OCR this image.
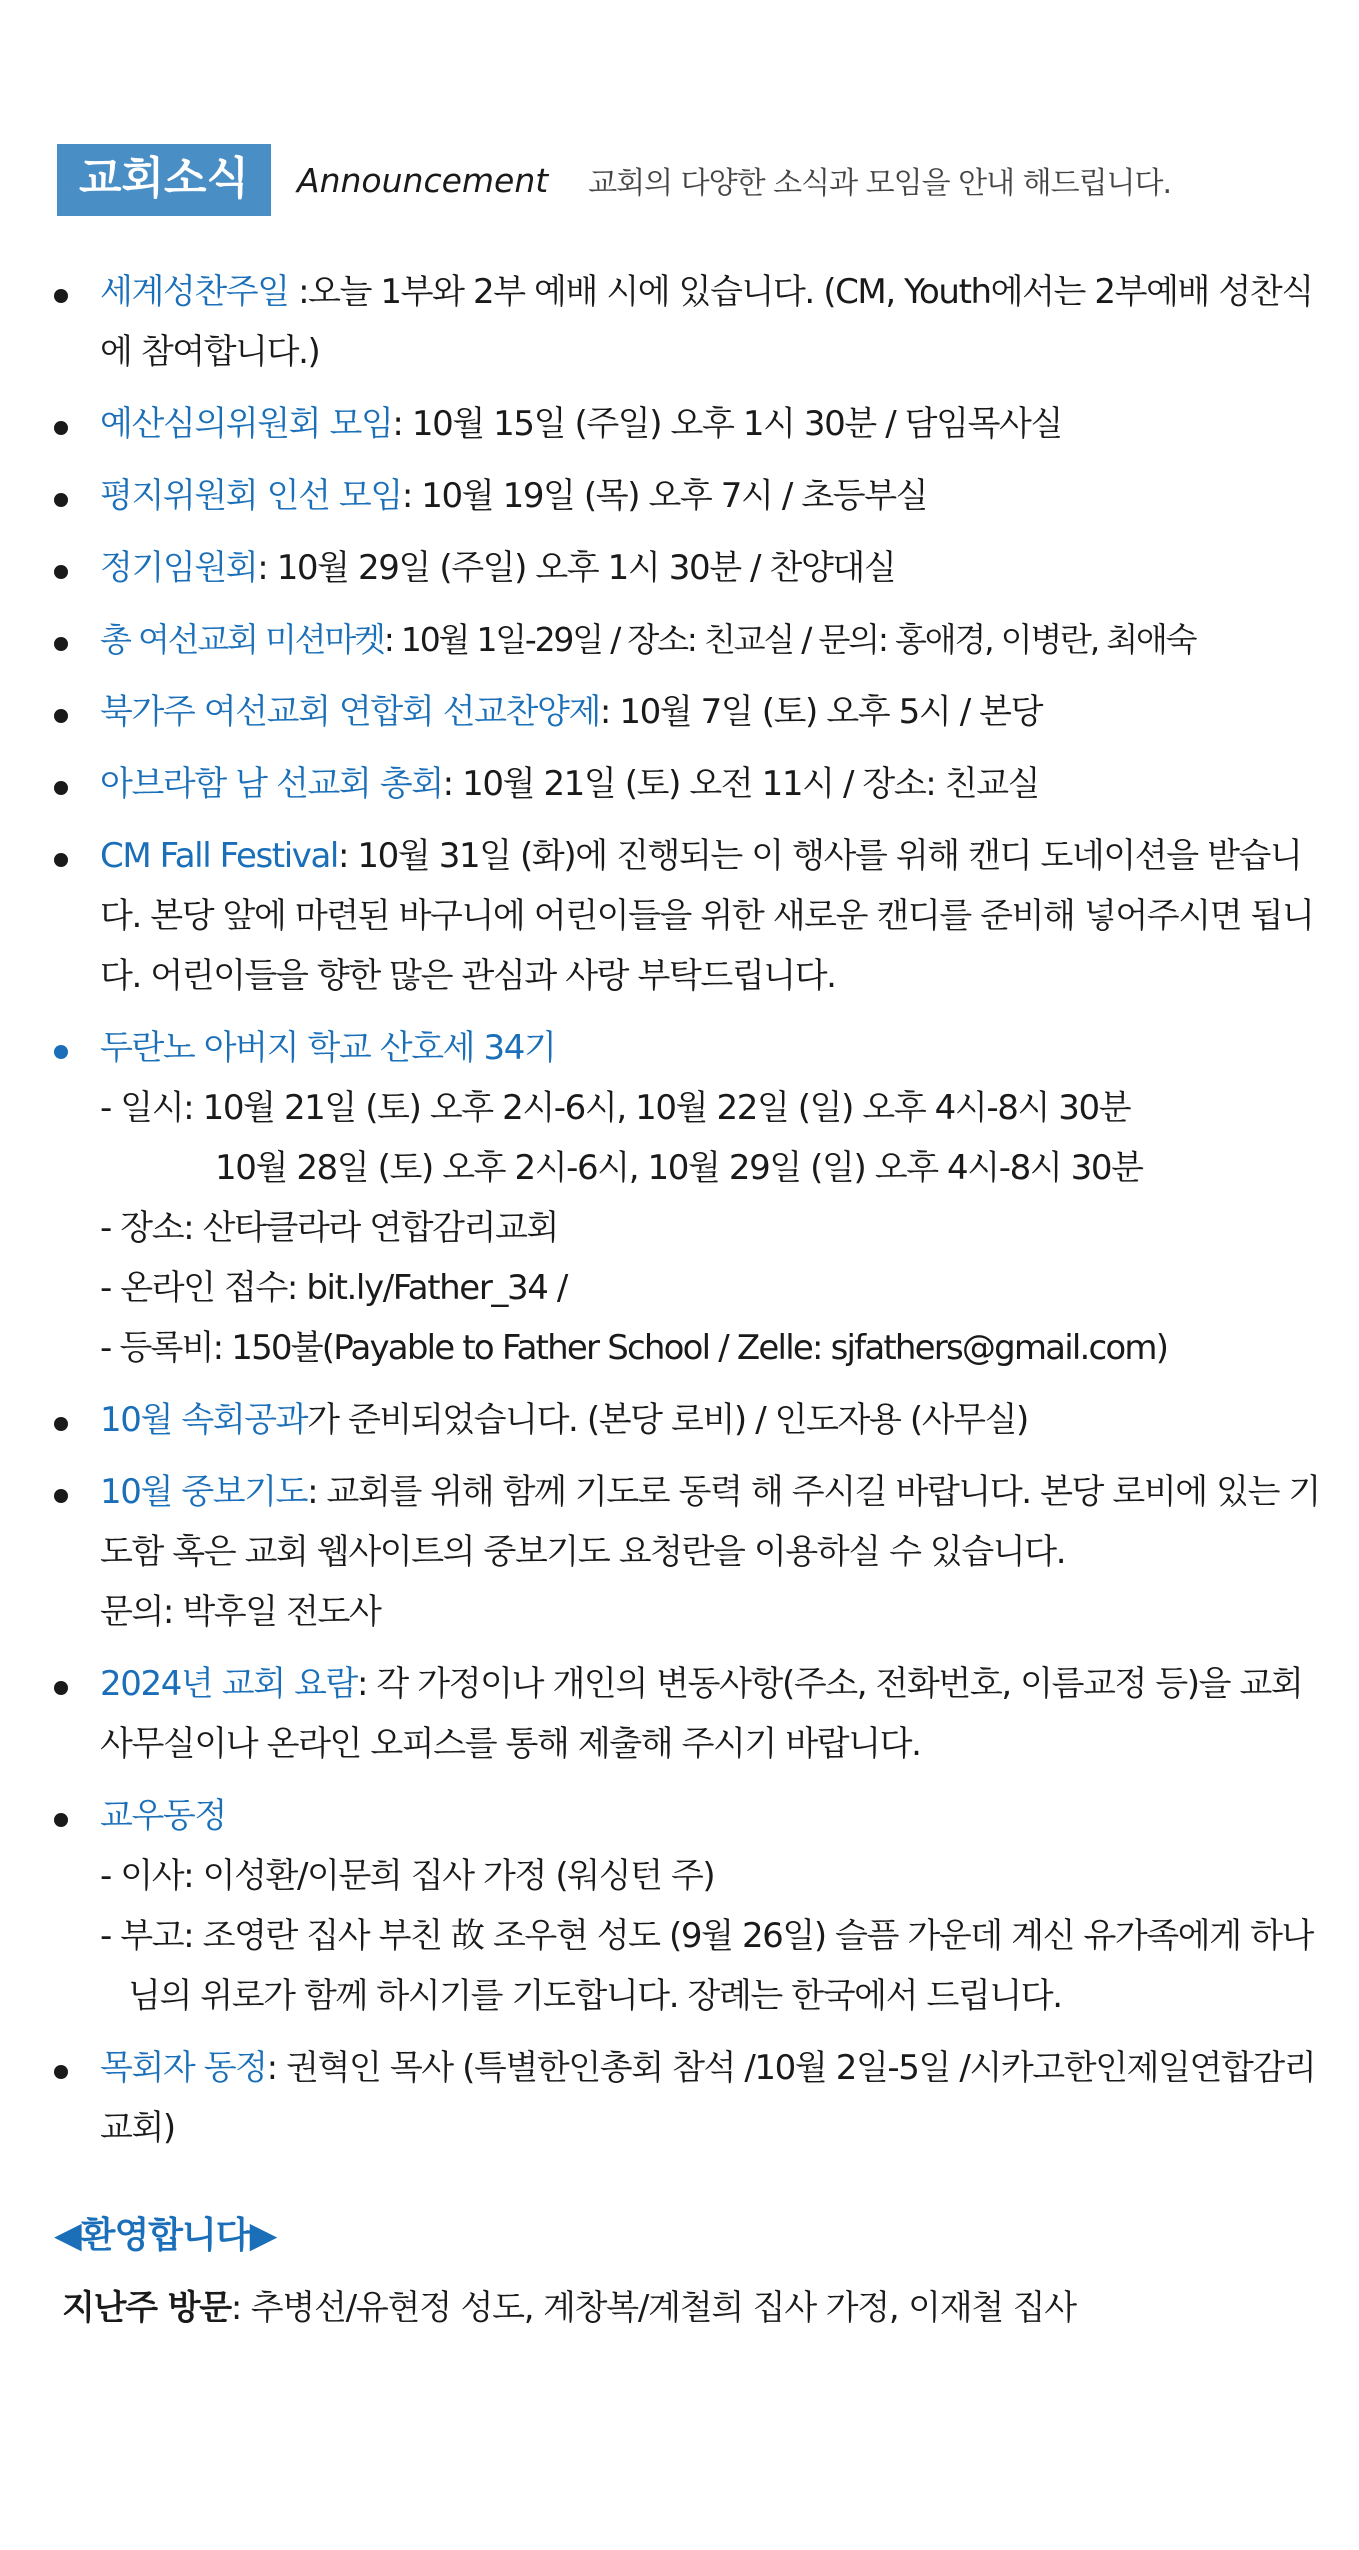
교회소식	Announcement 교회의 다양한 소식과 모임을 안내 해드립니다.
세계성찬주일 :오늘 1부와 2부 예배 시에 있습니다. (CM, Youth에서는 2부예배 성찬식에 참여합니다.)
예산심의위원회 모임: 10월 15일 (주일) 오후 1시 30분 / 담임목사실
평지위원회 인선 모임: 10월 19일 (목) 오후 7시 / 초등부실
정기임원회: 10월 29일 (주일) 오후 1시 30분 / 찬양대실
총 여선교회 미션마켓: 10월 1일-29일 / 장소: 친교실 / 문의: 홍애경, 이병란, 최애숙
북가주 여선교회 연합회 선교찬양제: 10월 7일 (토) 오후 5시 / 본당
아브라함 남 선교회 총회: 10월 21일 (토) 오전 11시 / 장소: 친교실
CM Fall Festival: 10월 31일 (화)에 진행되는 이 행사를 위해 캔디 도네이션을 받습니다. 본당 앞에 마련된 바구니에 어린이들을 위한 새로운 캔디를 준비해 넣어주시면 됩니다. 어린이들을 향한 많은 관심과 사랑 부탁드립니다.
두란노 아버지 학교 산호세 34기
- 일시: 10월 21일 (토) 오후 2시-6시, 10월 22일 (일) 오후 4시-8시 30분
10월 28일 (토) 오후 2시-6시, 10월 29일 (일) 오후 4시-8시 30분
- 장소: 산타클라라 연합감리교회
- 온라인 접수: bit.ly/Father_34 /
- 등록비: 150불(Payable to Father School / Zelle: sjfathers@gmail.com)
10월 속회공과가 준비되었습니다. (본당 로비) / 인도자용 (사무실)
10월 중보기도: 교회를 위해 함께 기도로 동력 해 주시길 바랍니다. 본당 로비에 있는 기도함 혹은 교회 웹사이트의 중보기도 요청란을 이용하실 수 있습니다.
문의: 박후일 전도사
2024년 교회 요람: 각 가정이나 개인의 변동사항(주소, 전화번호, 이름교정 등)을 교회 사무실이나 온라인 오피스를 통해 제출해 주시기 바랍니다.
교우동정
- 이사: 이성환/이문희 집사 가정 (워싱턴 주)
- 부고: 조영란 집사 부친 故 조우현 성도 (9월 26일) 슬픔 가운데 계신 유가족에게 하나님의 위로가 함께 하시기를 기도합니다. 장례는 한국에서 드립니다.
목회자 동정: 권혁인 목사 (특별한인총회 참석 /10월 2일-5일 /시카고한인제일연합감리교회)
◀환영합니다▶
지난주 방문: 추병선/유현정 성도, 계창복/계철희 집사 가정, 이재철 집사
